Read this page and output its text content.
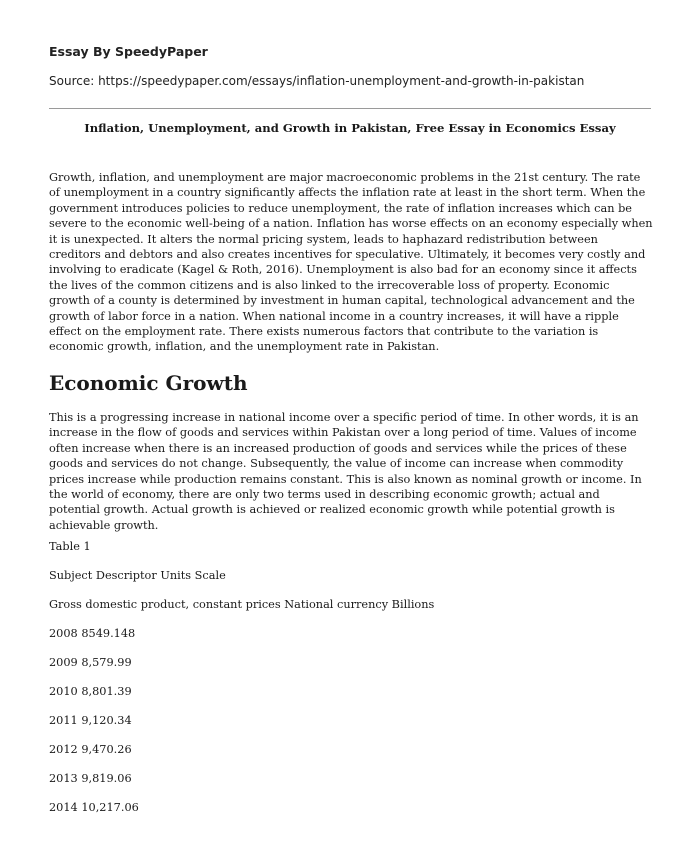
Essay By SpeedyPaper
Source: https://speedypaper.com/essays/inflation-unemployment-and-growth-in-pakistan
Inflation, Unemployment, and Growth in Pakistan, Free Essay in Economics Essay

Growth, inflation, and unemployment are major macroeconomic problems in the 21st century. The rate of unemployment in a country significantly affects the inflation rate at least in the short term. When the government introduces policies to reduce unemployment, the rate of inflation increases which can be severe to the economic well-being of a nation. Inflation has worse effects on an economy especially when it is unexpected. It alters the normal pricing system, leads to haphazard redistribution between creditors and debtors and also creates incentives for speculative. Ultimately, it becomes very costly and involving to eradicate (Kagel & Roth, 2016). Unemployment is also bad for an economy since it affects the lives of the common citizens and is also linked to the irrecoverable loss of property. Economic growth of a county is determined by investment in human capital, technological advancement and the growth of labor force in a nation. When national income in a country increases, it will have a ripple effect on the employment rate. There exists numerous factors that contribute to the variation is economic growth, inflation, and the unemployment rate in Pakistan.

Economic Growth

This is a progressing increase in national income over a specific period of time. In other words, it is an increase in the flow of goods and services within Pakistan over a long period of time. Values of income often increase when there is an increased production of goods and services while the prices of these goods and services do not change. Subsequently, the value of income can increase when commodity prices increase while production remains constant. This is also known as nominal growth or income. In the world of economy, there are only two terms used in describing economic growth; actual and potential growth. Actual growth is achieved or realized economic growth while potential growth is achievable growth.

Table 1

Subject Descriptor Units Scale

Gross domestic product, constant prices National currency Billions

2008 8549.148

2009 8,579.99

2010 8,801.39

2011 9,120.34

2012 9,470.26

2013 9,819.06

2014 10,217.06
